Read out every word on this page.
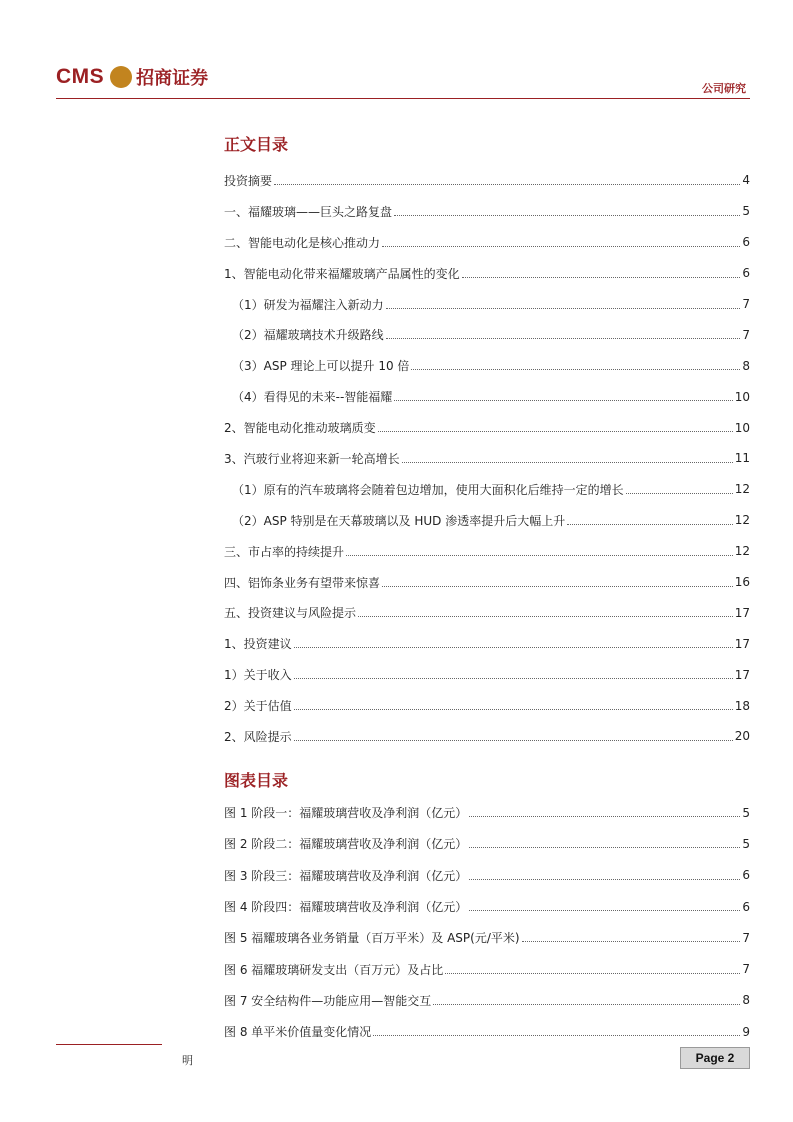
CMS 招商证券	公司研究
正文目录
投资摘要	4
一、福耀玻璃——巨头之路复盘	5
二、智能电动化是核心推动力	6
1、智能电动化带来福耀玻璃产品属性的变化	6
（1）研发为福耀注入新动力	7
（2）福耀玻璃技术升级路线	7
（3）ASP 理论上可以提升 10 倍	8
（4）看得见的未来--智能福耀	10
2、智能电动化推动玻璃质变	10
3、汽玻行业将迎来新一轮高增长	11
（1）原有的汽车玻璃将会随着包边增加，使用大面积化后维持一定的增长	12
（2）ASP 特别是在天幕玻璃以及 HUD 渗透率提升后大幅上升	12
三、市占率的持续提升	12
四、铝饰条业务有望带来惊喜	16
五、投资建议与风险提示	17
1、投资建议	17
1）关于收入	17
2）关于估值	18
2、风险提示	20
图表目录
图 1 阶段一：福耀玻璃营收及净利润（亿元）	5
图 2 阶段二：福耀玻璃营收及净利润（亿元）	5
图 3 阶段三：福耀玻璃营收及净利润（亿元）	6
图 4 阶段四：福耀玻璃营收及净利润（亿元）	6
图 5 福耀玻璃各业务销量（百万平米）及 ASP(元/平米)	7
图 6 福耀玻璃研发支出（百万元）及占比	7
图 7 安全结构件—功能应用—智能交互	8
图 8 单平米价值量变化情况	9
明	Page 2
